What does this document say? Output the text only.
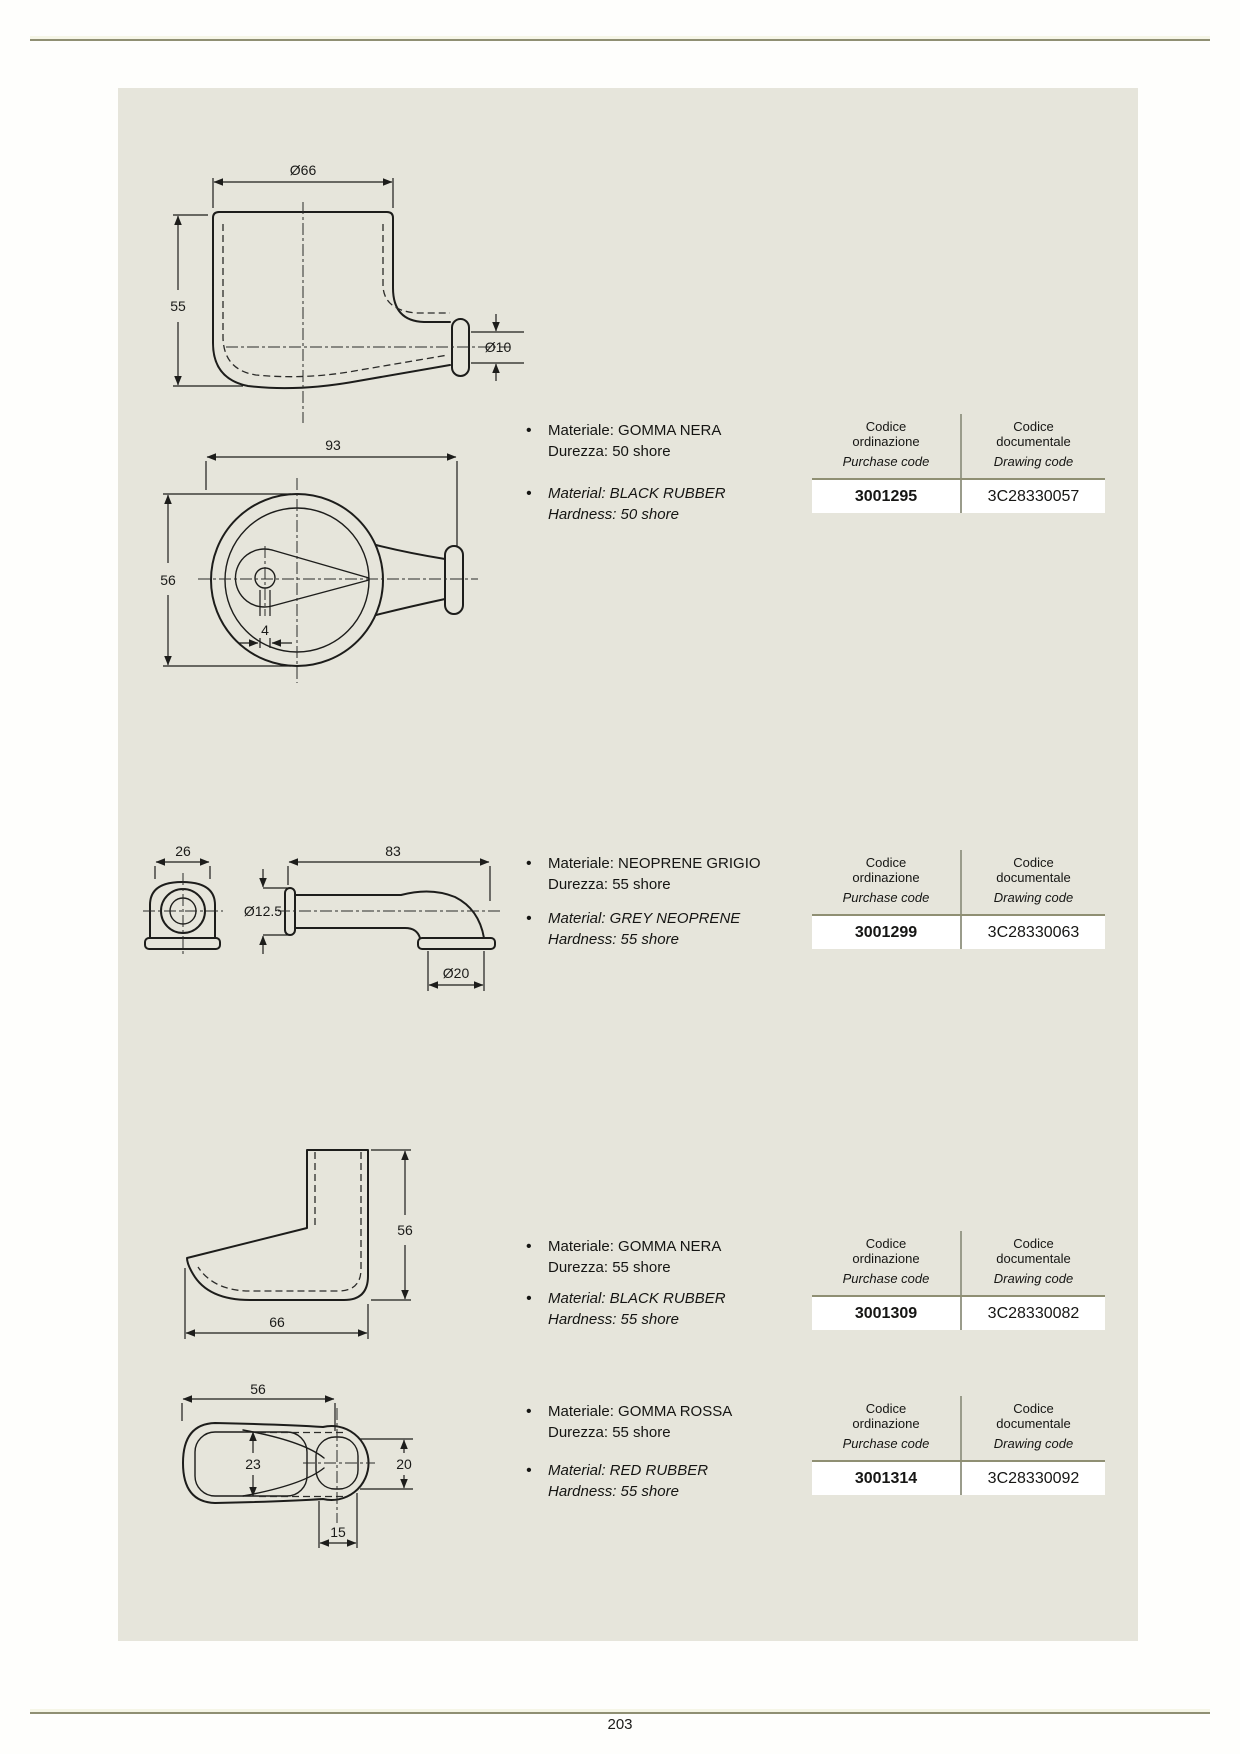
Ø66
55
Ø10
93
4
56
26	83
Ø12.5
Ø20
56
66
56
23	20
15
•	Materiale: GOMMA NERA
Durezza: 50 shore
•	Material: BLACK RUBBER
Hardness: 50 shore
•	Materiale: NEOPRENE GRIGIO
Durezza: 55 shore
•	Material: GREY NEOPRENE
Hardness: 55 shore
•	Materiale: GOMMA NERA
Durezza: 55 shore
•	Material: BLACK RUBBER
Hardness: 55 shore
•	Materiale: GOMMA ROSSA
Durezza: 55 shore
•	Material: RED RUBBER
Hardness: 55 shore
Codice
ordinazione
Purchase code
Codice
documentale
Drawing code
3001295	3C28330057
Codice
ordinazione
Purchase code
Codice
documentale
Drawing code
3001299	3C28330063
Codice
ordinazione
Purchase code
Codice
documentale
Drawing code
3001309	3C28330082
Codice
ordinazione
Purchase code
Codice
documentale
Drawing code
3001314	3C28330092
203
